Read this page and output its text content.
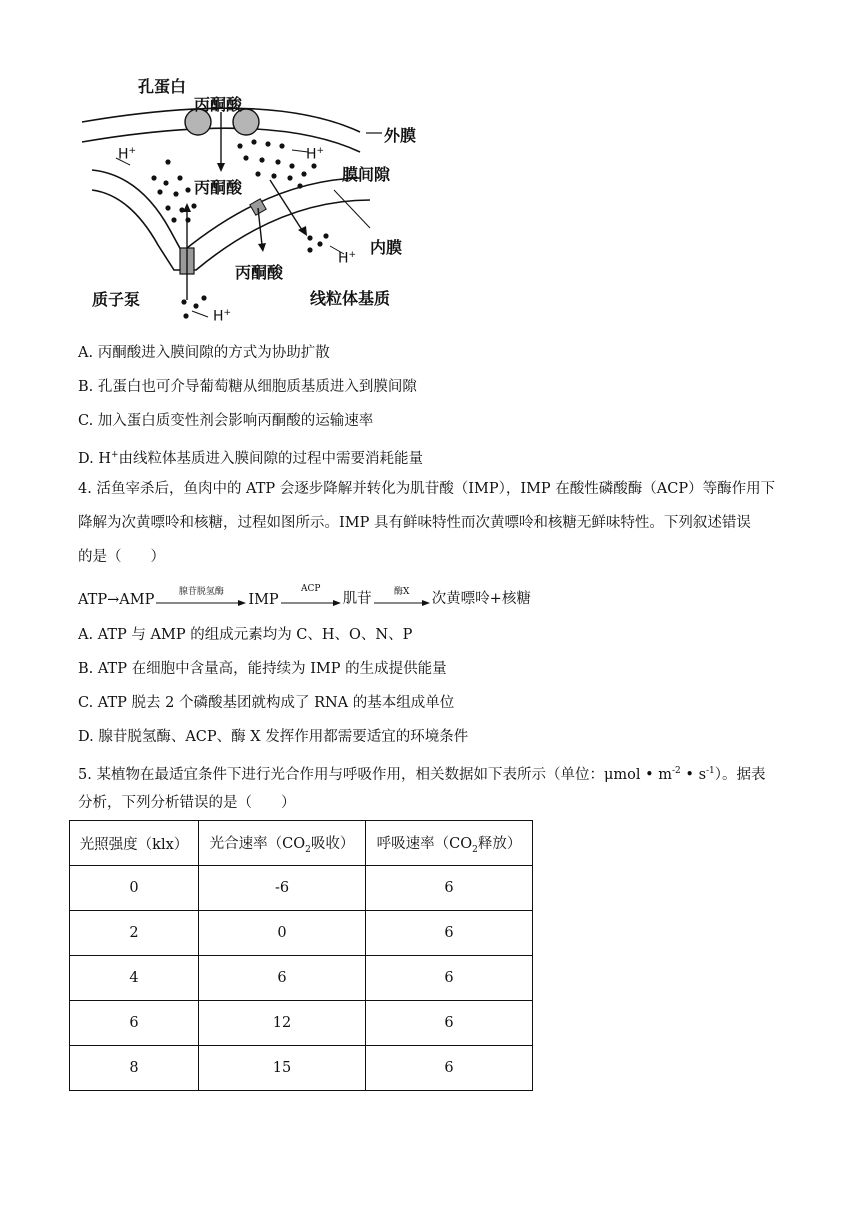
孔蛋白
丙酮酸
外膜
H+	H+
膜间隙
丙酮酸
内膜
H+
丙酮酸
质子泵	线粒体基质
H+
A. 丙酮酸进入膜间隙的方式为协助扩散
B. 孔蛋白也可介导葡萄糖从细胞质基质进入到膜间隙
C. 加入蛋白质变性剂会影响丙酮酸的运输速率
D. H+由线粒体基质进入膜间隙的过程中需要消耗能量
4. 活鱼宰杀后，鱼肉中的 ATP 会逐步降解并转化为肌苷酸（IMP），IMP 在酸性磷酸酶（ACP）等酶作用下
降解为次黄嘌呤和核糖，过程如图所示。IMP 具有鲜味特性而次黄嘌呤和核糖无鲜味特性。下列叙述错误
的是（　　）
ATP→AMP	腺苷脱氢酶	IMP
ACP
肌苷	酶X	次黄嘌呤+核糖
A. ATP 与 AMP 的组成元素均为 C、H、O、N、P
B. ATP 在细胞中含量高，能持续为 IMP 的生成提供能量
C. ATP 脱去 2 个磷酸基团就构成了 RNA 的基本组成单位
D. 腺苷脱氢酶、ACP、酶 X 发挥作用都需要适宜的环境条件
5. 某植物在最适宜条件下进行光合作用与呼吸作用，相关数据如下表所示（单位：μmol • $m^{-2}$ • $s^{-1}$）。据表
分析，下列分析错误的是（　　）
光照强度（klx）	光合速率（$CO_2$吸收）	呼吸速率（$CO_2$释放）
0	-6	6
2	0	6
4	6	6
6	12	6
8	15	6
